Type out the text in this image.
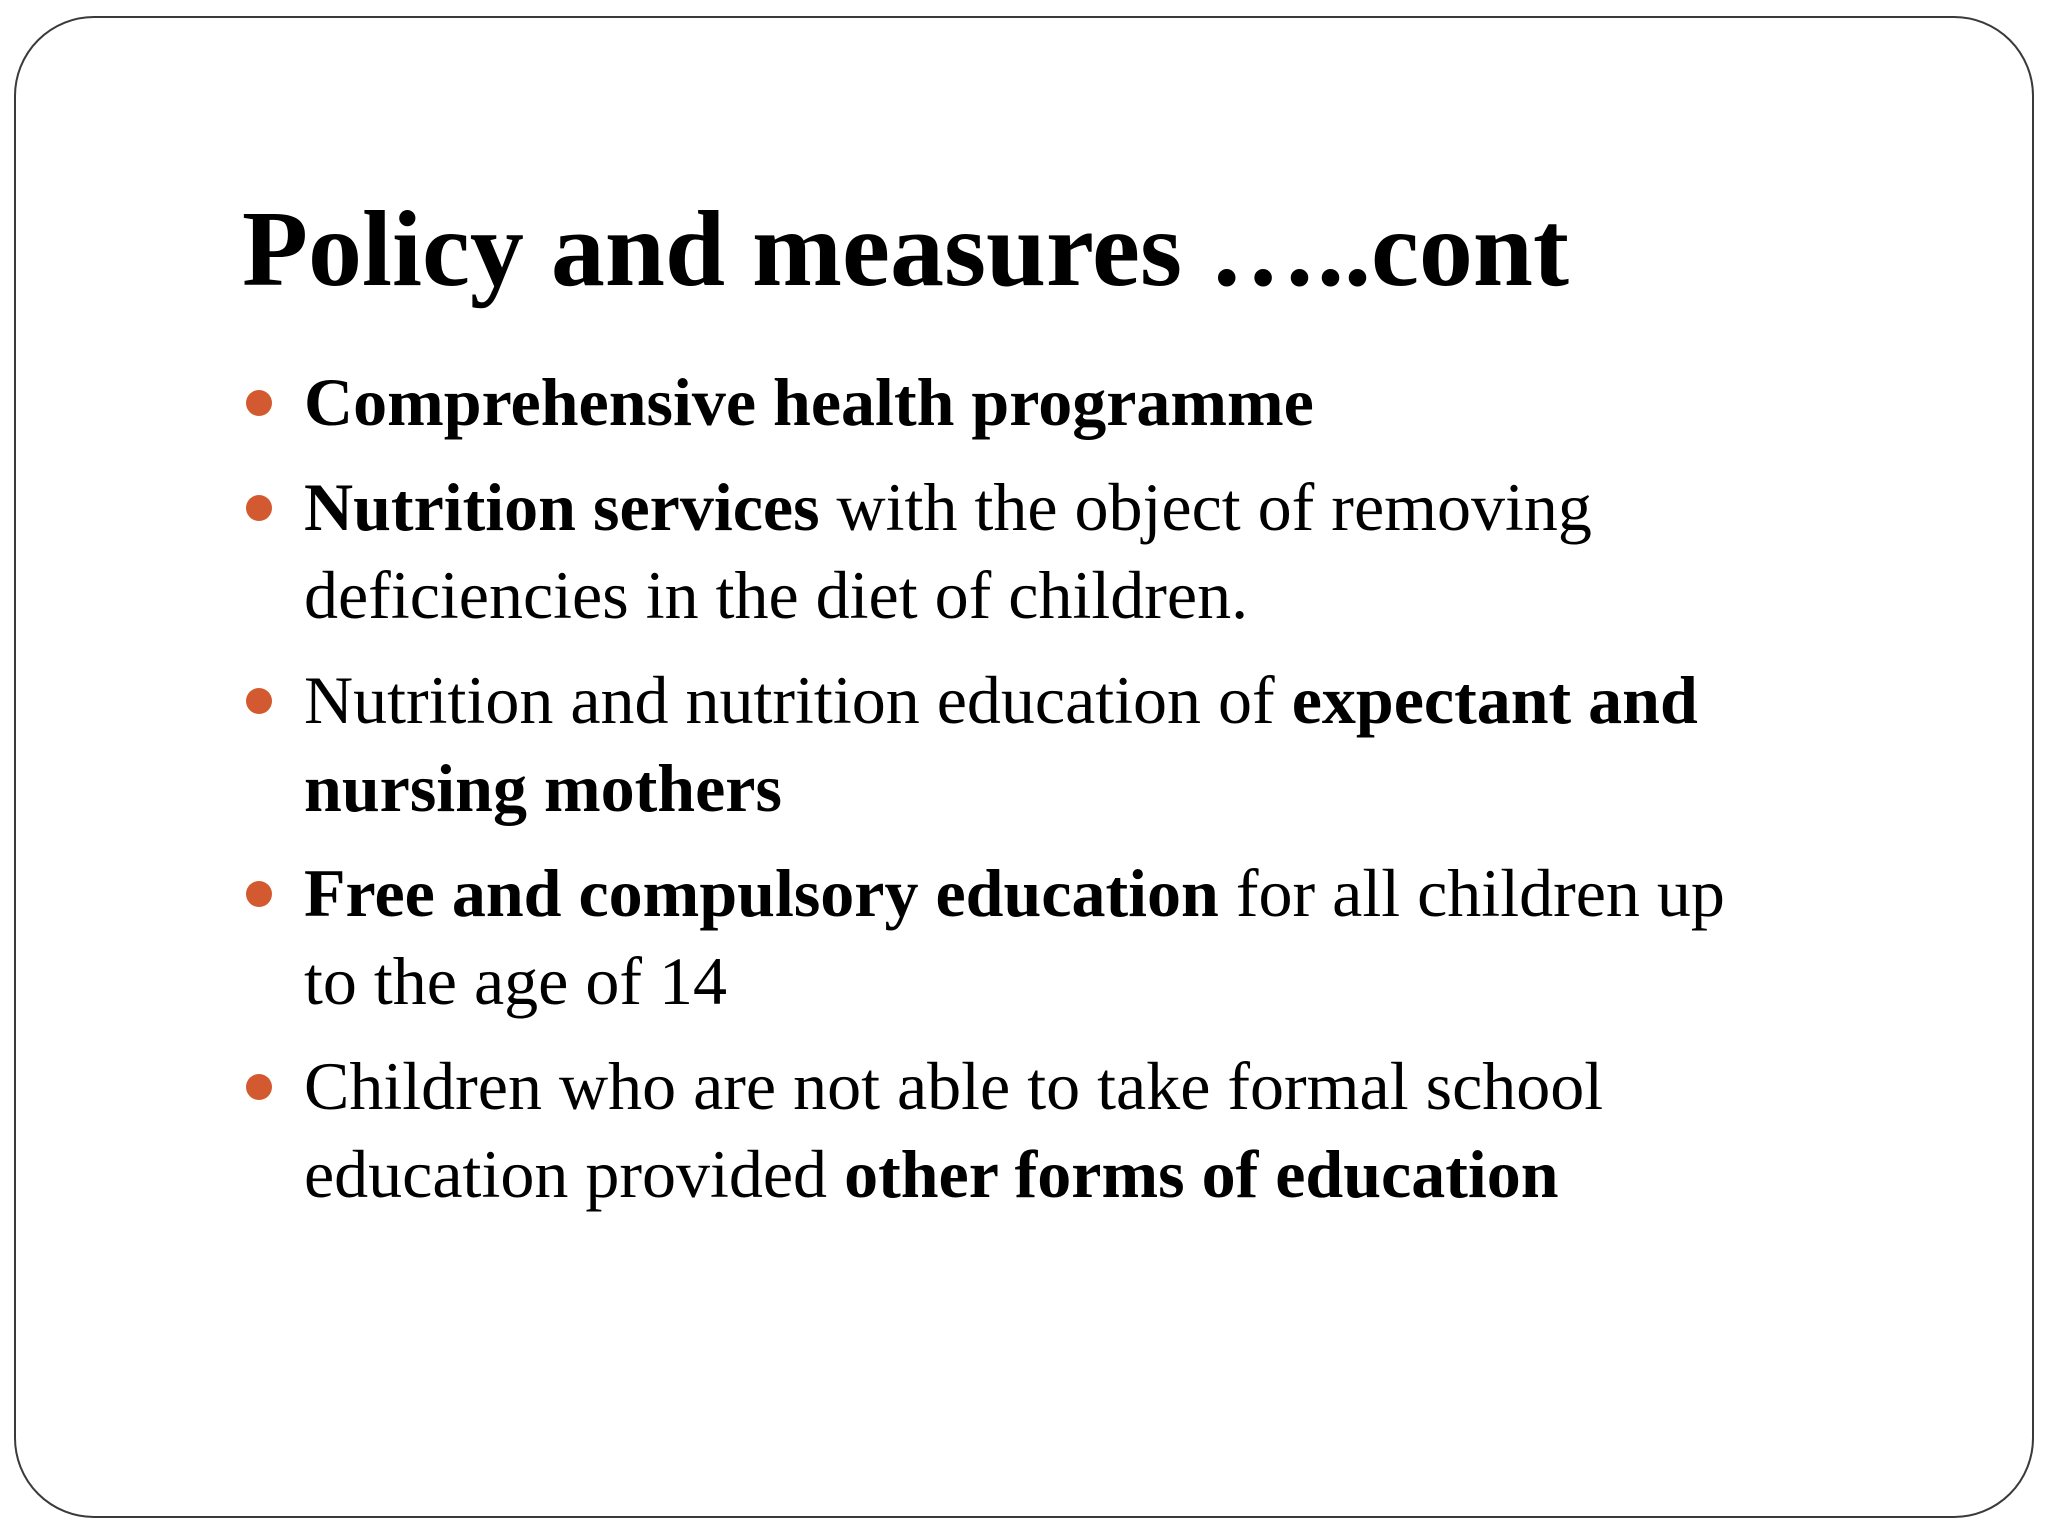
Policy and measures …..cont
Comprehensive health programme
Nutrition services with the object of removing
deficiencies in the diet of children.
Nutrition and nutrition education of expectant and
nursing mothers
Free and compulsory education for all children up
to the age of 14
Children who are not able to take formal school
education provided other forms of education
